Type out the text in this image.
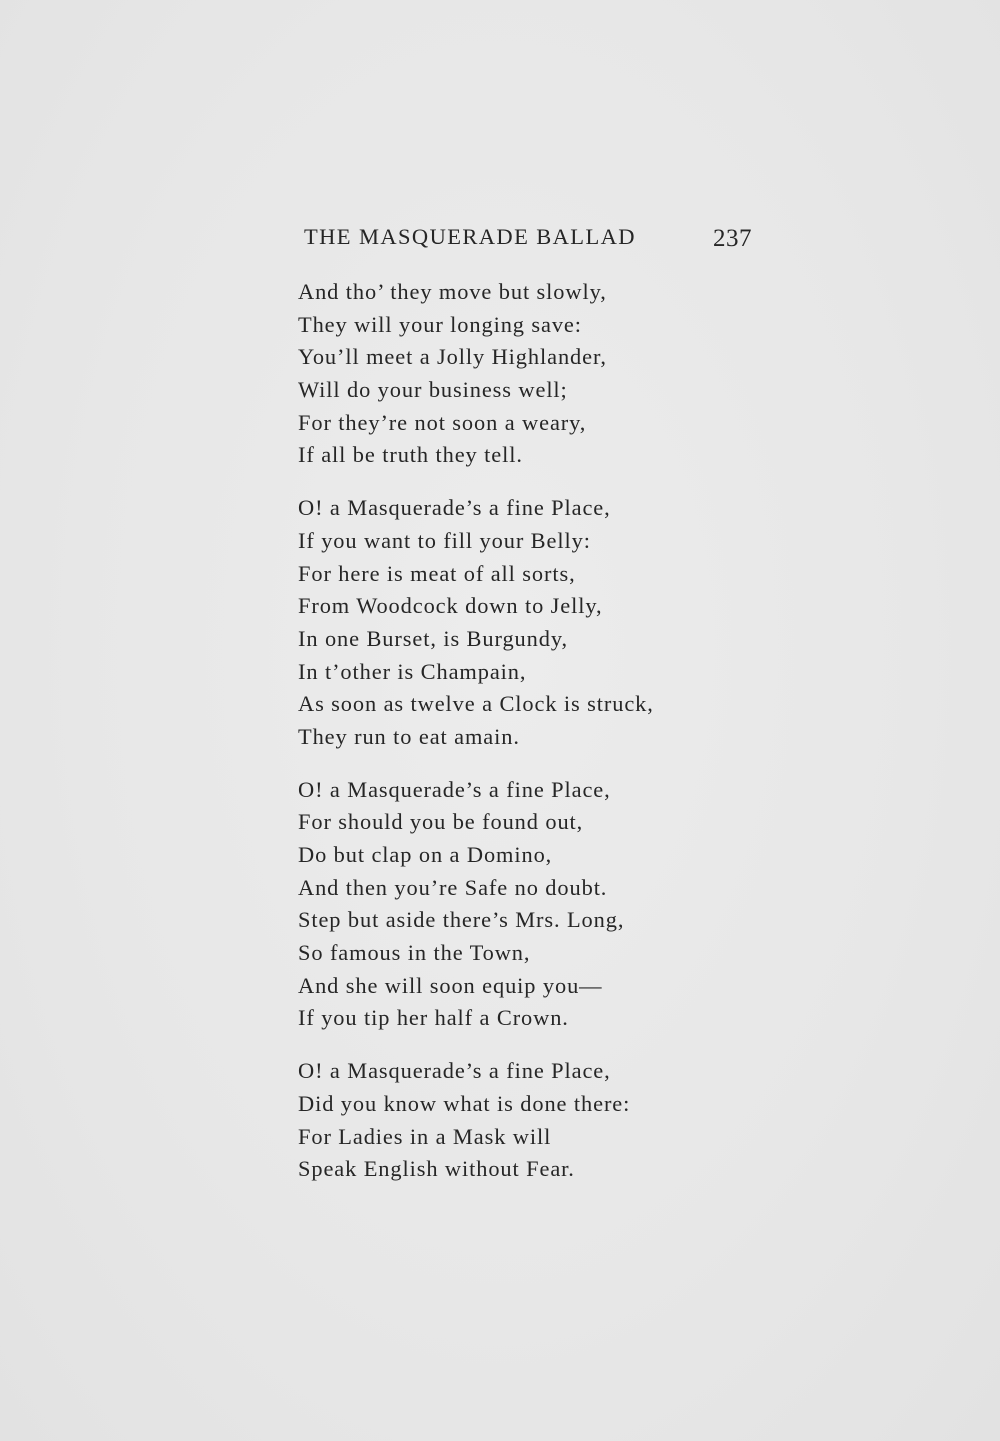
THE MASQUERADE BALLAD	237
And tho’ they move but slowly,
They will your longing save:
You’ll meet a Jolly Highlander,
Will do your business well;
For they’re not soon a weary,
If all be truth they tell.
O! a Masquerade’s a fine Place,
If you want to fill your Belly:
For here is meat of all sorts,
From Woodcock down to Jelly,
In one Burset, is Burgundy,
In t’other is Champain,
As soon as twelve a Clock is struck,
They run to eat amain.
O! a Masquerade’s a fine Place,
For should you be found out,
Do but clap on a Domino,
And then you’re Safe no doubt.
Step but aside there’s Mrs. Long,
So famous in the Town,
And she will soon equip you—
If you tip her half a Crown.
O! a Masquerade’s a fine Place,
Did you know what is done there:
For Ladies in a Mask will
Speak English without Fear.
